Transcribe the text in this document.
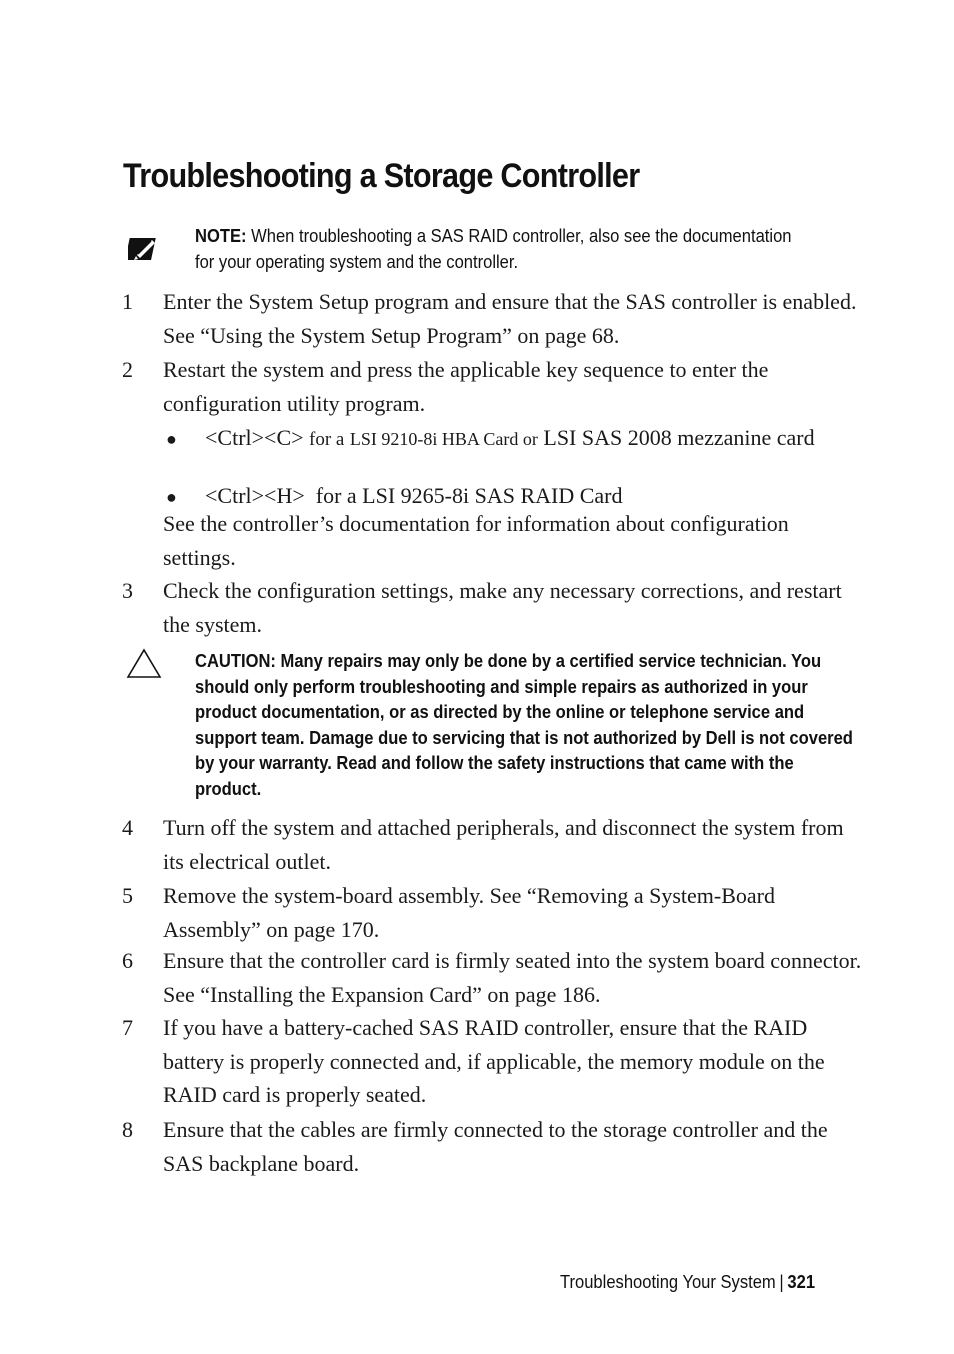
Troubleshooting a Storage Controller
NOTE: When troubleshooting a SAS RAID controller, also see the documentation for your operating system and the controller.
1 Enter the System Setup program and ensure that the SAS controller is enabled. See “Using the System Setup Program” on page 68.
2 Restart the system and press the applicable key sequence to enter the configuration utility program.
● <Ctrl><C> for a LSI 9210-8i HBA Card or LSI SAS 2008 mezzanine card
● <Ctrl><H> for a LSI 9265-8i SAS RAID Card
See the controller’s documentation for information about configuration settings.
3 Check the configuration settings, make any necessary corrections, and restart the system.
CAUTION: Many repairs may only be done by a certified service technician. You should only perform troubleshooting and simple repairs as authorized in your product documentation, or as directed by the online or telephone service and support team. Damage due to servicing that is not authorized by Dell is not covered by your warranty. Read and follow the safety instructions that came with the product.
4 Turn off the system and attached peripherals, and disconnect the system from its electrical outlet.
5 Remove the system-board assembly. See “Removing a System-Board Assembly” on page 170.
6 Ensure that the controller card is firmly seated into the system board connector. See “Installing the Expansion Card” on page 186.
7 If you have a battery-cached SAS RAID controller, ensure that the RAID battery is properly connected and, if applicable, the memory module on the RAID card is properly seated.
8 Ensure that the cables are firmly connected to the storage controller and the SAS backplane board.
Troubleshooting Your System | 321
